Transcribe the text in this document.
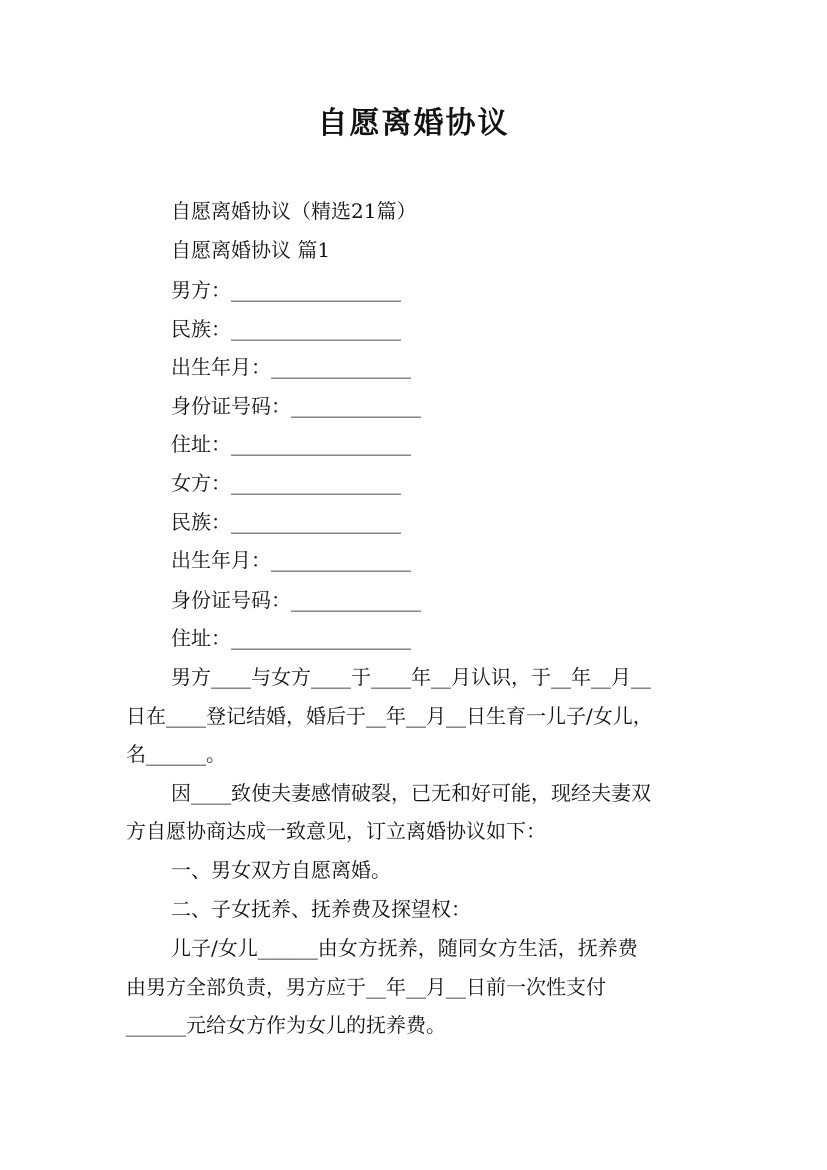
自愿离婚协议
自愿离婚协议（精选21篇）
自愿离婚协议 篇1
男方：_________________
民族：_________________
出生年月：______________
身份证号码：_____________
住址：__________________
女方：_________________
民族：_________________
出生年月：______________
身份证号码：_____________
住址：__________________
男方____与女方____于____年__月认识，于__年__月__
日在____登记结婚，婚后于__年__月__日生育一儿子/女儿，
名______。
因____致使夫妻感情破裂，已无和好可能，现经夫妻双
方自愿协商达成一致意见，订立离婚协议如下：
一、男女双方自愿离婚。
二、子女抚养、抚养费及探望权：
儿子/女儿______由女方抚养，随同女方生活，抚养费
由男方全部负责，男方应于__年__月__日前一次性支付
______元给女方作为女儿的抚养费。
